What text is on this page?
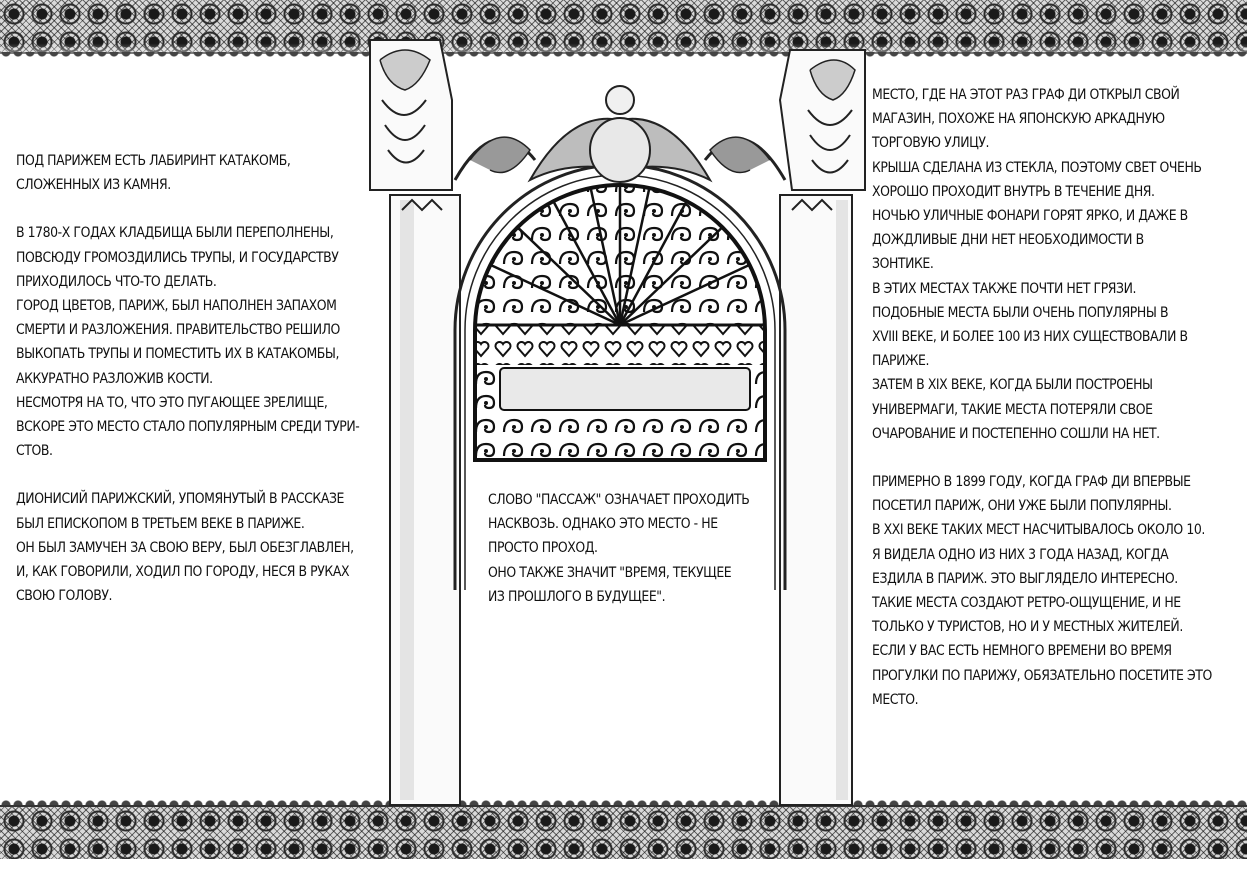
ПОД ПАРИЖЕМ ЕСТЬ ЛАБИРИНТ КАТАКОМБ,
СЛОЖЕННЫХ ИЗ КАМНЯ.

В 1780-Х ГОДАХ КЛАДБИЩА БЫЛИ ПЕРЕПОЛНЕНЫ,
ПОВСЮДУ ГРОМОЗДИЛИСЬ ТРУПЫ, И ГОСУДАРСТВУ
ПРИХОДИЛОСЬ ЧТО-ТО ДЕЛАТЬ.
ГОРОД ЦВЕТОВ, ПАРИЖ, БЫЛ НАПОЛНЕН ЗАПАХОМ
СМЕРТИ И РАЗЛОЖЕНИЯ. ПРАВИТЕЛЬСТВО РЕШИЛО
ВЫКОПАТЬ ТРУПЫ И ПОМЕСТИТЬ ИХ В КАТАКОМБЫ,
АККУРАТНО РАЗЛОЖИВ КОСТИ.
НЕСМОТРЯ НА ТО, ЧТО ЭТО ПУГАЮЩЕЕ ЗРЕЛИЩЕ,
ВСКОРЕ ЭТО МЕСТО СТАЛО ПОПУЛЯРНЫМ СРЕДИ ТУРИ-
СТОВ.

ДИОНИСИЙ ПАРИЖСКИЙ, УПОМЯНУТЫЙ В РАССКАЗЕ
БЫЛ ЕПИСКОПОМ В ТРЕТЬЕМ ВЕКЕ В ПАРИЖЕ.
ОН БЫЛ ЗАМУЧЕН ЗА СВОЮ ВЕРУ, БЫЛ ОБЕЗГЛАВЛЕН,
И, КАК ГОВОРИЛИ, ХОДИЛ ПО ГОРОДУ, НЕСЯ В РУКАХ
СВОЮ ГОЛОВУ.

СЛОВО "ПАССАЖ" ОЗНАЧАЕТ ПРОХОДИТЬ
НАСКВОЗЬ. ОДНАКО ЭТО МЕСТО - НЕ
ПРОСТО ПРОХОД.
ОНО ТАКЖЕ ЗНАЧИТ "ВРЕМЯ, ТЕКУЩЕЕ
ИЗ ПРОШЛОГО В БУДУЩЕЕ".

МЕСТО, ГДЕ НА ЭТОТ РАЗ ГРАФ ДИ ОТКРЫЛ СВОЙ
МАГАЗИН, ПОХОЖЕ НА ЯПОНСКУЮ АРКАДНУЮ
ТОРГОВУЮ УЛИЦУ.
КРЫША СДЕЛАНА ИЗ СТЕКЛА, ПОЭТОМУ СВЕТ ОЧЕНЬ
ХОРОШО ПРОХОДИТ ВНУТРЬ В ТЕЧЕНИЕ ДНЯ.
НОЧЬЮ УЛИЧНЫЕ ФОНАРИ ГОРЯТ ЯРКО, И ДАЖЕ В
ДОЖДЛИВЫЕ ДНИ НЕТ НЕОБХОДИМОСТИ В
ЗОНТИКЕ.
В ЭТИХ МЕСТАХ ТАКЖЕ ПОЧТИ НЕТ ГРЯЗИ.
ПОДОБНЫЕ МЕСТА БЫЛИ ОЧЕНЬ ПОПУЛЯРНЫ В
XVIII ВЕКЕ, И БОЛЕЕ 100 ИЗ НИХ СУЩЕСТВОВАЛИ В
ПАРИЖЕ.
ЗАТЕМ В XIX ВЕКЕ, КОГДА БЫЛИ ПОСТРОЕНЫ
УНИВЕРМАГИ, ТАКИЕ МЕСТА ПОТЕРЯЛИ СВОЕ
ОЧАРОВАНИЕ И ПОСТЕПЕННО СОШЛИ НА НЕТ.

ПРИМЕРНО В 1899 ГОДУ, КОГДА ГРАФ ДИ ВПЕРВЫЕ
ПОСЕТИЛ ПАРИЖ, ОНИ УЖЕ БЫЛИ ПОПУЛЯРНЫ.
В XXI ВЕКЕ ТАКИХ МЕСТ НАСЧИТЫВАЛОСЬ ОКОЛО 10.
Я ВИДЕЛА ОДНО ИЗ НИХ 3 ГОДА НАЗАД, КОГДА
ЕЗДИЛА В ПАРИЖ. ЭТО ВЫГЛЯДЕЛО ИНТЕРЕСНО.
ТАКИЕ МЕСТА СОЗДАЮТ РЕТРО-ОЩУЩЕНИЕ, И НЕ
ТОЛЬКО У ТУРИСТОВ, НО И У МЕСТНЫХ ЖИТЕЛЕЙ.
ЕСЛИ У ВАС ЕСТЬ НЕМНОГО ВРЕМЕНИ ВО ВРЕМЯ
ПРОГУЛКИ ПО ПАРИЖУ, ОБЯЗАТЕЛЬНО ПОСЕТИТЕ ЭТО
МЕСТО.
